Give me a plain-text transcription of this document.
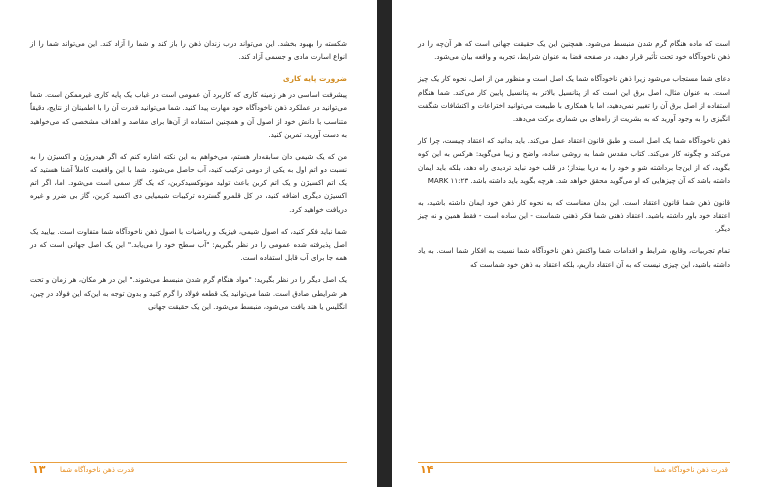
شکسته را بهبود بخشد. این می‌تواند درب زندان ذهن را باز کند و شما را آزاد کند. این می‌تواند شما را از انواع اسارت مادی و جسمی آزاد کند.

ضرورت پایه کاری

پیشرفت اساسی در هر زمینه کاری که کاربرد آن عمومی است در غیاب یک پایه کاری غیرممکن است. شما می‌توانید در عملکرد ذهن ناخودآگاه خود مهارت پیدا کنید. شما می‌توانید قدرت آن را با اطمینان از نتایج، دقیقاً متناسب با دانش خود از اصول آن و همچنین استفاده از آن‌ها برای مقاصد و اهداف مشخصی که می‌خواهید به دست آورید، تمرین کنید.

من که یک شیمی دان سابقه‌دار هستم، می‌خواهم به این نکته اشاره کنم که اگر هیدروژن و اکسیژن را به نسبت دو اتم اول به یکی از دومی ترکیب کنید، آب حاصل می‌شود. شما با این واقعیت کاملاً آشنا هستید که یک اتم اکسیژن و یک اتم کربن باعث تولید مونوکسیدکربن، که یک گاز سمی است می‌شود. اما، اگر اتم اکسیژن دیگری اضافه کنید، در کل قلمرو گسترده ترکیبات شیمیایی دی اکسید کربن، گاز بی ضرر و غیره دریافت خواهید کرد.

شما نباید فکر کنید، که اصول شیمی، فیزیک و ریاضیات با اصول ذهن ناخودآگاه شما متفاوت است. بیایید یک اصل پذیرفته شده عمومی را در نظر بگیریم: "آب سطح خود را می‌یابد." این یک اصل جهانی است که در همه جا برای آب قابل استفاده است.

یک اصل دیگر را در نظر بگیرید: "مواد هنگام گرم شدن منبسط می‌شوند." این در هر مکان، هر زمان و تحت هر شرایطی صادق است. شما می‌توانید یک قطعه فولاد را گرم کنید و بدون توجه به این‌که این فولاد در چین، انگلیس یا هند یافت می‌شود، منبسط می‌شود. این یک حقیقت جهانی

۱۳ قدرت ذهن ناخودآگاه شما

است که ماده هنگام گرم شدن منبسط می‌شود. همچنین این یک حقیقت جهانی است که هر آن‌چه را در ذهن ناخودآگاه خود تحت تأثیر قرار دهید، در صفحه فضا به عنوان شرایط، تجربه و واقعه بیان می‌شود.

دعای شما مستجاب می‌شود زیرا ذهن ناخودآگاه شما یک اصل است و منظور من از اصل، نحوه کار یک چیز است. به عنوان مثال، اصل برق این است که از پتانسیل بالاتر به پتانسیل پایین کار می‌کند. شما هنگام استفاده از اصل برق آن را تغییر نمی‌دهید، اما با همکاری با طبیعت می‌توانید اختراعات و اکتشافات شگفت انگیزی را به وجود آورید که به بشریت از راه‌های بی شماری برکت می‌دهد.

ذهن ناخودآگاه شما یک اصل است و طبق قانون اعتقاد عمل می‌کند. باید بدانید که اعتقاد چیست، چرا کار می‌کند و چگونه کار می‌کند. کتاب مقدس شما به روشی ساده، واضح و زیبا می‌گوید: هرکس به این کوه بگوید، که از این‌جا برداشته شو و خود را به دریا بینداز؛ در قلب خود نباید تردیدی راه دهد، بلکه باید ایمان داشته باشد که آن چیزهایی که او می‌گوید محقق خواهد شد. هرچه بگوید باید داشته باشد. MARK ۱۱:۲۳

قانون ذهن شما قانون اعتقاد است. این بدان معناست که به نحوه کار ذهن خود ایمان داشته باشید، به اعتقاد خود باور داشته باشید. اعتقاد ذهنی شما فکر ذهنی شماست - این ساده است - فقط همین و نه چیز دیگر.

تمام تجربیات، وقایع، شرایط و اقدامات شما واکنش ذهن ناخودآگاه شما نسبت به افکار شما است. به یاد داشته باشید، این چیزی نیست که به آن اعتقاد داریم، بلکه اعتقاد به ذهن خود شماست که

۱۴	قدرت ذهن ناخودآگاه شما
